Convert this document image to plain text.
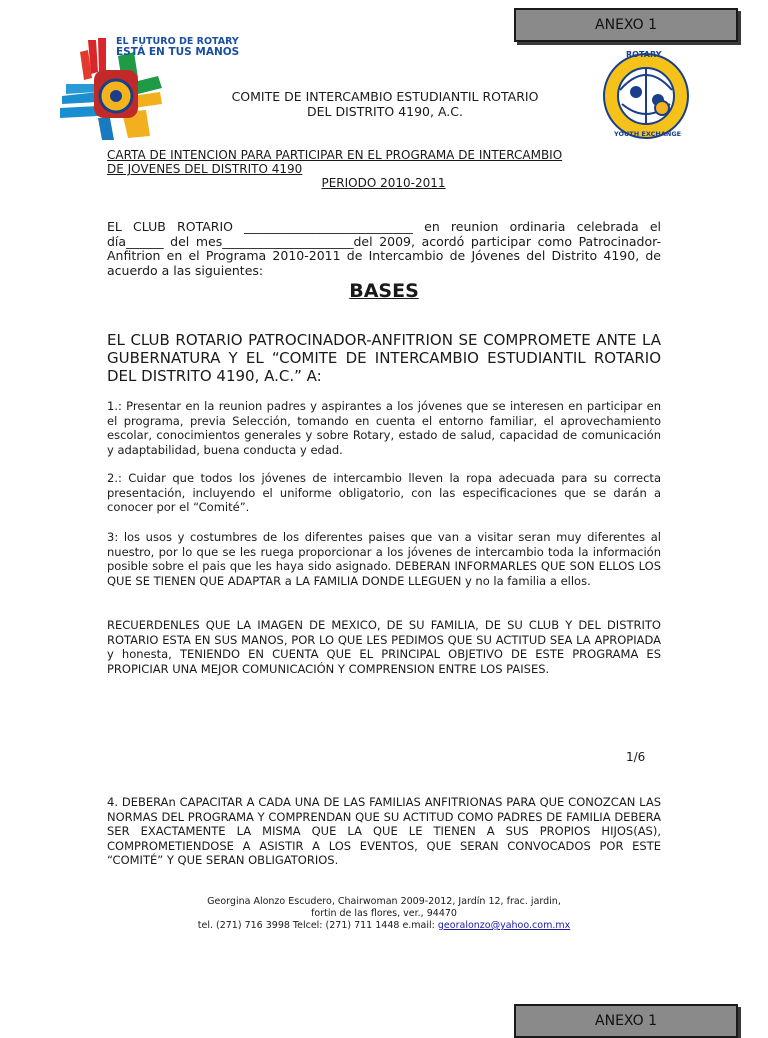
ANEXO 1
EL FUTURO DE ROTARY
ESTÁ EN TUS MANOS	ROTARY
YOUTH EXCHANGE
COMITE DE INTERCAMBIO ESTUDIANTIL ROTARIO
DEL DISTRITO 4190, A.C.
CARTA DE INTENCION PARA PARTICIPAR EN EL PROGRAMA DE INTERCAMBIO
DE JOVENES DEL DISTRITO 4190
PERIODO 2010-2011
EL CLUB ROTARIO ___________________________ en reunion ordinaria celebrada el día______ del mes_____________________del 2009, acordó participar como Patrocinador-Anfitrion en el Programa 2010-2011 de Intercambio de Jóvenes del Distrito 4190, de acuerdo a las siguientes:
BASES
EL CLUB ROTARIO PATROCINADOR-ANFITRION SE COMPROMETE ANTE LA GUBERNATURA Y EL “COMITE DE INTERCAMBIO ESTUDIANTIL ROTARIO DEL DISTRITO 4190, A.C.” A:
1.: Presentar en la reunion padres y aspirantes a los jóvenes que se interesen en participar en el programa, previa Selección, tomando en cuenta el entorno familiar, el aprovechamiento escolar, conocimientos generales y sobre Rotary, estado de salud, capacidad de comunicación y adaptabilidad, buena conducta y edad.
2.: Cuidar que todos los jóvenes de intercambio lleven la ropa adecuada para su correcta presentación, incluyendo el uniforme obligatorio, con las especificaciones que se darán a conocer por el “Comité”.
3: los usos y costumbres de los diferentes paises que van a visitar seran muy diferentes al nuestro, por lo que se les ruega proporcionar a los jóvenes de intercambio toda la información posible sobre el pais que les haya sido asignado. DEBERAN INFORMARLES QUE SON ELLOS LOS QUE SE TIENEN QUE ADAPTAR a LA FAMILIA DONDE LLEGUEN y no la familia a ellos.
RECUERDENLES QUE LA IMAGEN DE MEXICO, DE SU FAMILIA, DE SU CLUB Y DEL DISTRITO ROTARIO ESTA EN SUS MANOS, POR LO QUE LES PEDIMOS QUE SU ACTITUD SEA LA APROPIADA y honesta, TENIENDO EN CUENTA QUE EL PRINCIPAL OBJETIVO DE ESTE PROGRAMA ES PROPICIAR UNA MEJOR COMUNICACIÓN Y COMPRENSION ENTRE LOS PAISES.
1/6
4. DEBERAn CAPACITAR A CADA UNA DE LAS FAMILIAS ANFITRIONAS PARA QUE CONOZCAN LAS NORMAS DEL PROGRAMA Y COMPRENDAN QUE SU ACTITUD COMO PADRES DE FAMILIA DEBERA SER EXACTAMENTE LA MISMA QUE LA QUE LE TIENEN A SUS PROPIOS HIJOS(AS), COMPROMETIENDOSE A ASISTIR A LOS EVENTOS, QUE SERAN CONVOCADOS POR ESTE “COMITÉ” Y QUE SERAN OBLIGATORIOS.
Georgina Alonzo Escudero, Chairwoman 2009-2012, Jardín 12, frac. jardin,
fortin de las flores, ver., 94470
tel. (271) 716 3998 Telcel: (271) 711 1448 e.mail: georalonzo@yahoo.com.mx
ANEXO 1
